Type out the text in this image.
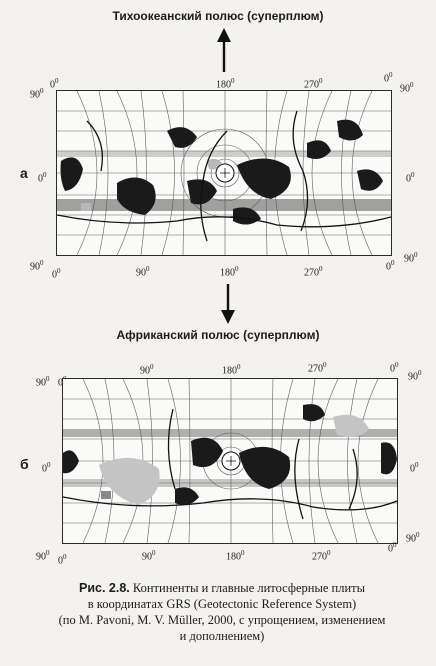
Тихоокеанский полюс (суперплюм)
$90^0$
$0^0$	$180^0$	$270^0$	$0^0$
$90^0$
а $0^0$	$0^0$
$90^0$
$0^0$	$90^0$	$180^0$	$270^0$	$0^0$ $90^0$
Африканский полюс (суперплюм)
$90^0$ 0
$90^0$	$180^0$	$270^0$	$0^0$
$90^0$
б $0^0$	$0^0$
$90^0$
$0^0$	$90^0$	$180^0$	$270^0$	$0^0$
$90^0$
Рис. 2.8. Континенты и главные литосферные плиты
в координатах GRS (Geotectonic Reference System)
(по M. Pavoni, M. V. Müller, 2000, с упрощением, изменением
и дополнением)
